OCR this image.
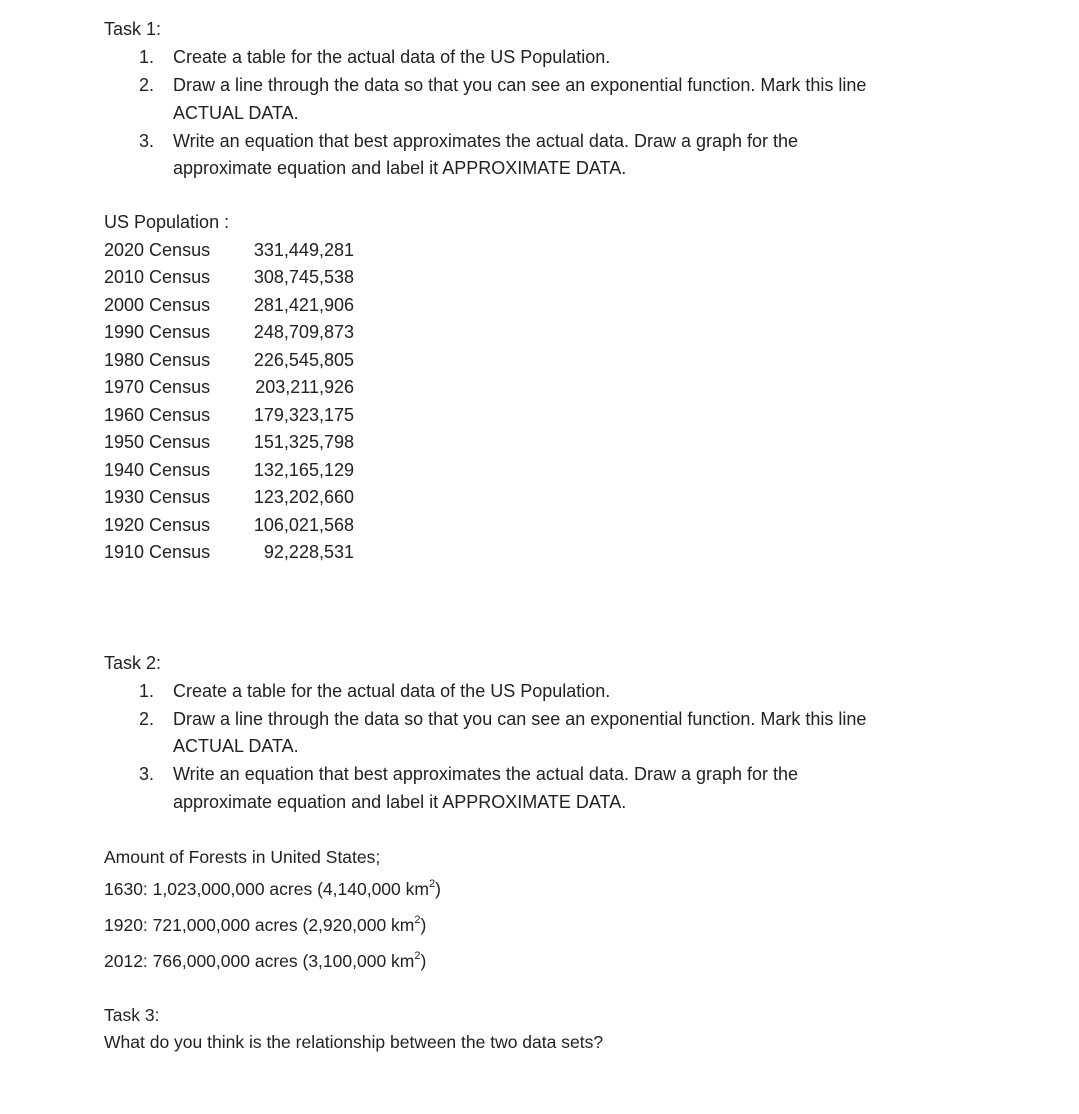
Task 1:
1. Create a table for the actual data of the US Population.
2. Draw a line through the data so that you can see an exponential function. Mark this line
ACTUAL DATA.
3. Write an equation that best approximates the actual data. Draw a graph for the
approximate equation and label it APPROXIMATE DATA.
US Population :
2020 Census	331,449,281
2010 Census	308,745,538
2000 Census	281,421,906
1990 Census	248,709,873
1980 Census	226,545,805
1970 Census	203,211,926
1960 Census	179,323,175
1950 Census	151,325,798
1940 Census	132,165,129
1930 Census	123,202,660
1920 Census	106,021,568
1910 Census	92,228,531
Task 2:
1. Create a table for the actual data of the US Population.
2. Draw a line through the data so that you can see an exponential function. Mark this line
ACTUAL DATA.
3. Write an equation that best approximates the actual data. Draw a graph for the
approximate equation and label it APPROXIMATE DATA.
Amount of Forests in United States;
1630: 1,023,000,000 acres (4,140,000 $km^2$)
1920: 721,000,000 acres (2,920,000 $km^2$)
2012: 766,000,000 acres (3,100,000 $km^2$)
Task 3:
What do you think is the relationship between the two data sets?
